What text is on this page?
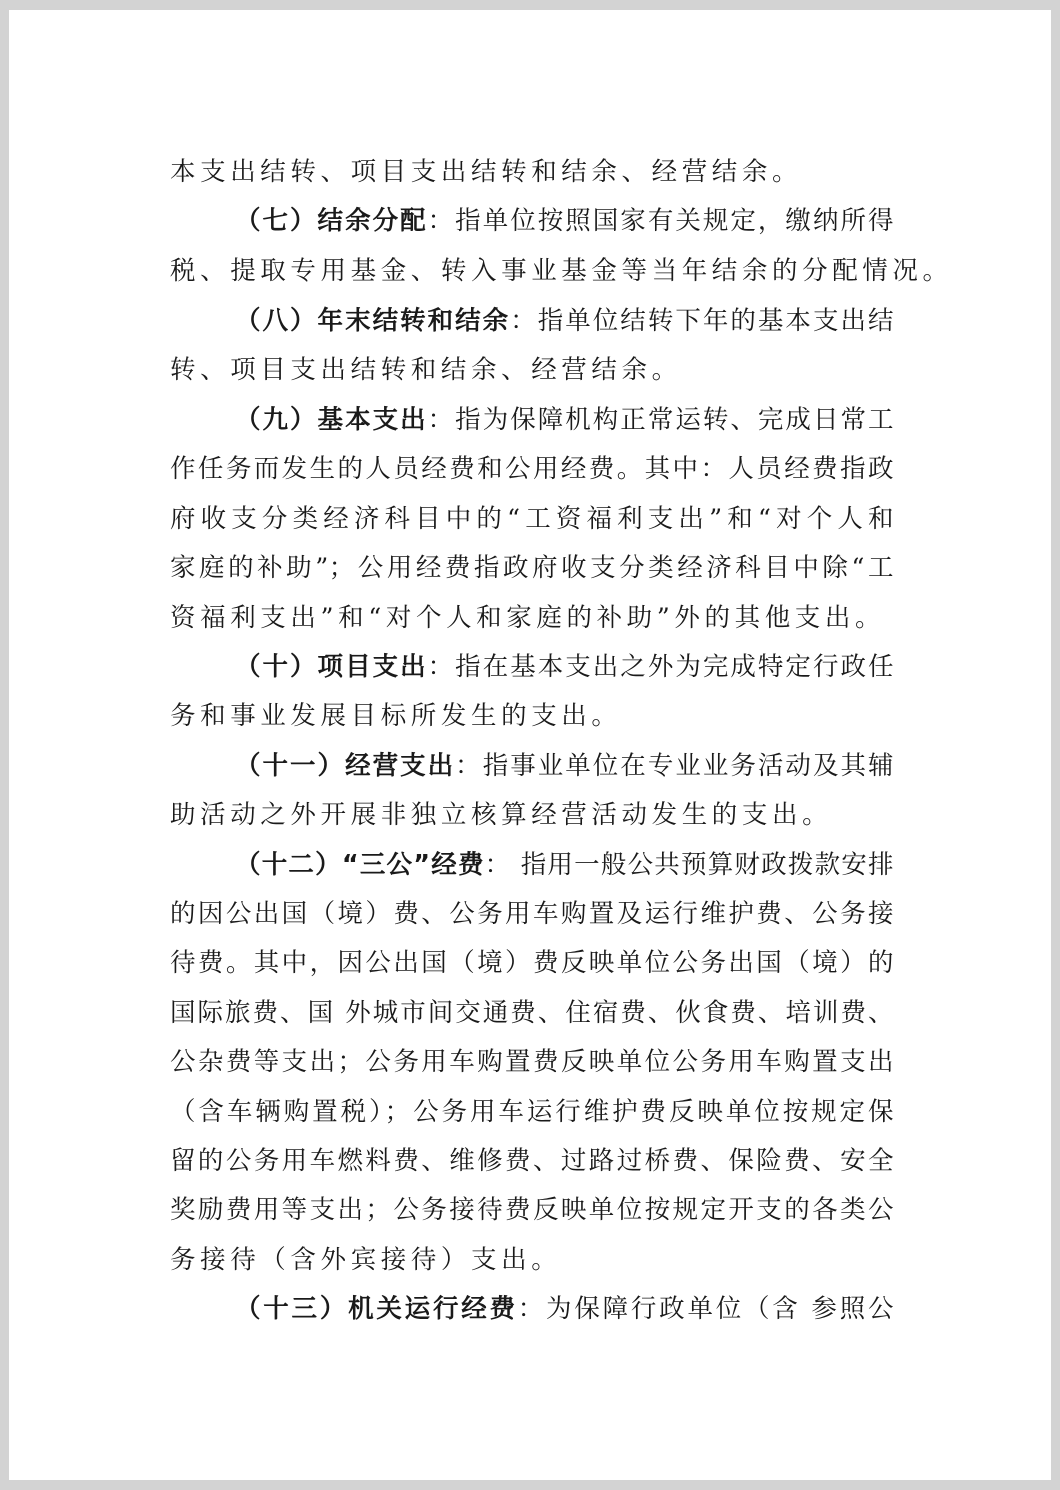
本支出结转、项目支出结转和结余、经营结余。
（七）结余分配：指单位按照国家有关规定，缴纳所得
税、提取专用基金、转入事业基金等当年结余的分配情况。
（八）年末结转和结余：指单位结转下年的基本支出结
转、项目支出结转和结余、经营结余。
（九）基本支出：指为保障机构正常运转、完成日常工
作任务而发生的人员经费和公用经费。其中：人员经费指政
府收支分类经济科目中的“工资福利支出”和“对个人和
家庭的补助”；公用经费指政府收支分类经济科目中除“工
资福利支出”和“对个人和家庭的补助”外的其他支出。
（十）项目支出：指在基本支出之外为完成特定行政任
务和事业发展目标所发生的支出。
（十一）经营支出：指事业单位在专业业务活动及其辅
助活动之外开展非独立核算经营活动发生的支出。
（十二）“三公”经费： 指用一般公共预算财政拨款安排
的因公出国（境）费、公务用车购置及运行维护费、公务接
待费。其中，因公出国（境）费反映单位公务出国（境）的
国际旅费、国 外城市间交通费、住宿费、伙食费、培训费、
公杂费等支出；公务用车购置费反映单位公务用车购置支出
（含车辆购置税）；公务用车运行维护费反映单位按规定保
留的公务用车燃料费、维修费、过路过桥费、保险费、安全
奖励费用等支出；公务接待费反映单位按规定开支的各类公
务接待（含外宾接待）支出。
（十三）机关运行经费：为保障行政单位（含 参照公
